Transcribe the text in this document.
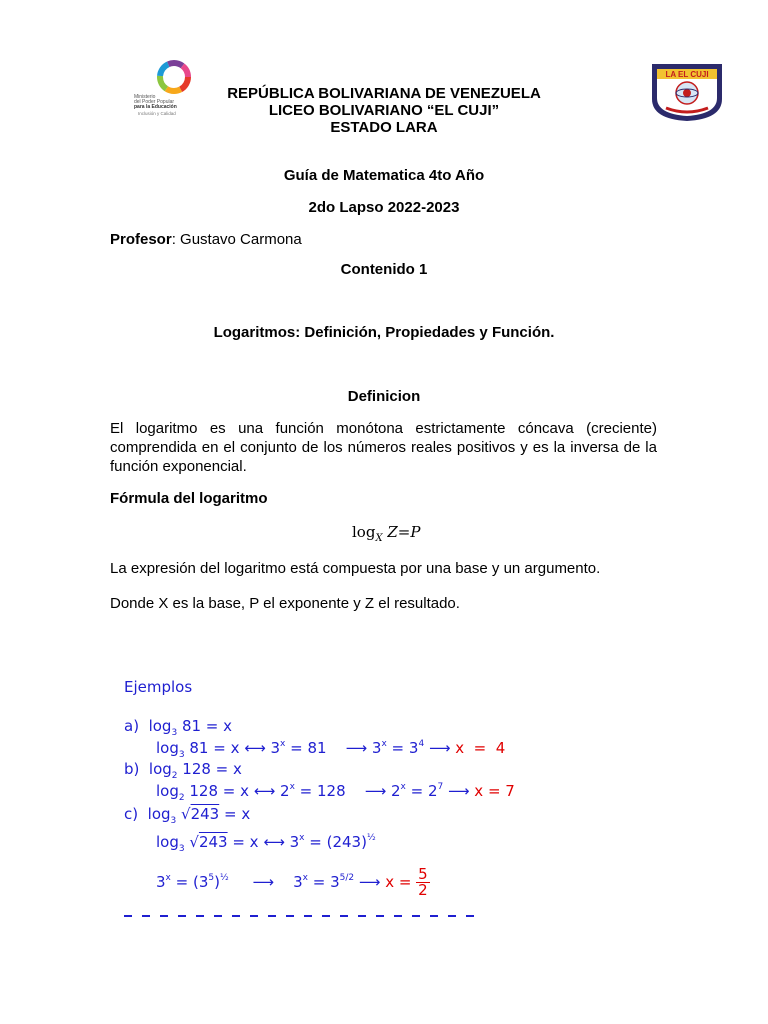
Ministerio
del Poder Popular
para la Educación
Inclusión y Calidad
LA EL CUJI
REPÚBLICA BOLIVARIANA DE VENEZUELA
LICEO BOLIVARIANO “EL CUJI”
ESTADO LARA
Guía de Matematica 4to Año
2do Lapso 2022-2023
Profesor: Gustavo Carmona
Contenido 1
Logaritmos: Definición, Propiedades y Función.
Definicion
El logaritmo es una función monótona estrictamente cóncava (creciente) comprendida en el conjunto de los números reales positivos y es la inversa de la función exponencial.
Fórmula del logaritmo
$\log_X Z=P$
La expresión del logaritmo está compuesta por una base y un argumento.
Donde X es la base, P el exponente y Z el resultado.
Ejemplos
a)  $\log_3 81 = x$
$\log_3 81 = x$ ⟷ $3^x = 81$    ⟶ $3^x = 3^4$ ⟶ x  =  4
b)  $\log_2 128 = x$
$\log_2 128 = x$ ⟷ $2^x = 128$    ⟶ $2^x = 2^7$ ⟶ x = 7
c)  $\log_3 √243 = x$
$\log_3 √243 = x$ ⟷ $3^x = (243)^{\frac{1}{2}}$
$3^x = (3^5)^{\frac{1}{2}}$     ⟶    $3^x = 3^{5/2}$ ⟶ x = 5
2
